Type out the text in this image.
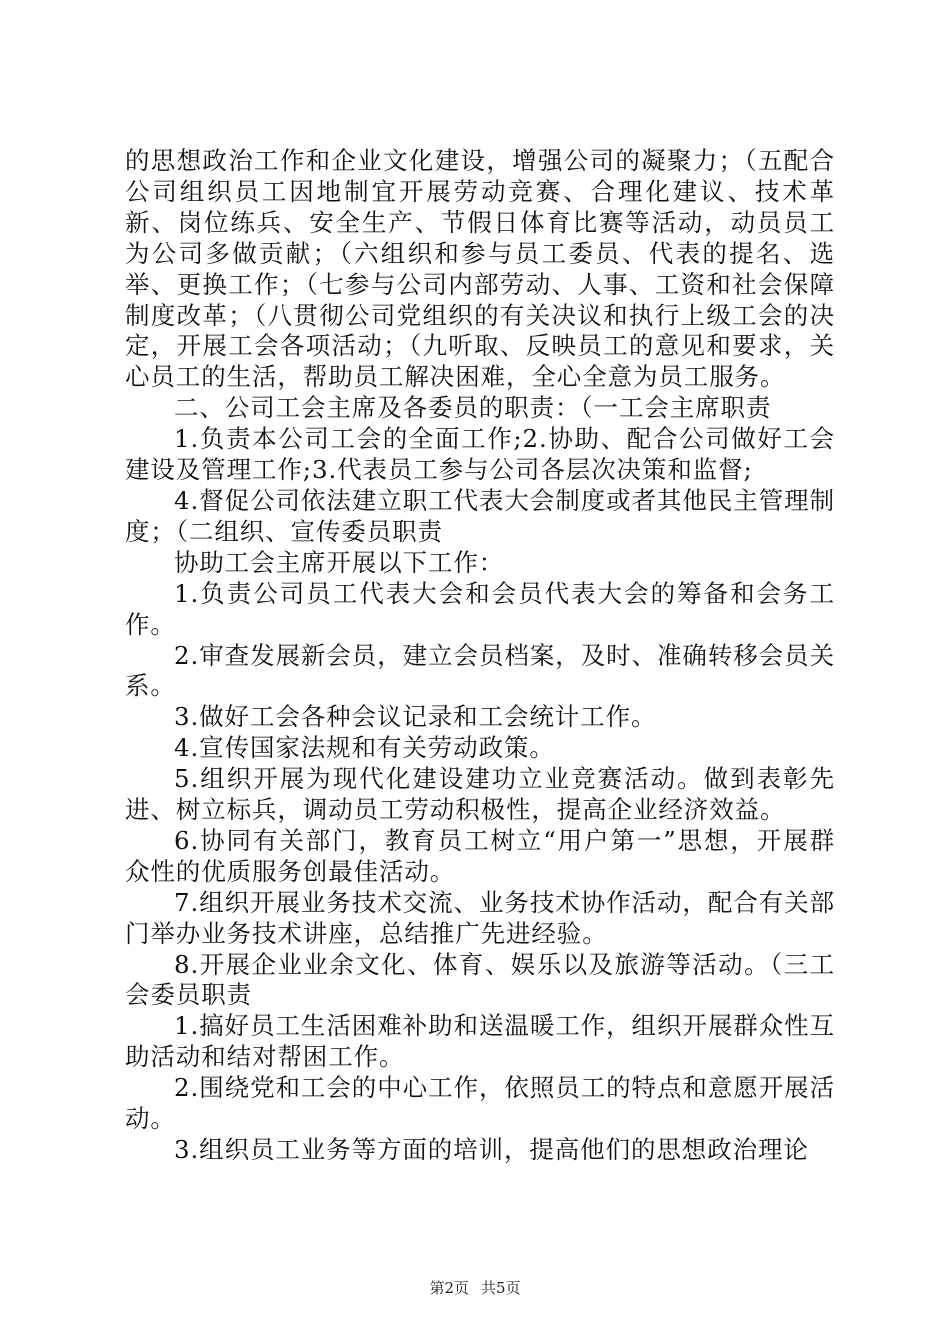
的思想政治工作和企业文化建设，增强公司的凝聚力；（五配合公司组织员工因地制宜开展劳动竞赛、合理化建议、技术革新、岗位练兵、安全生产、节假日体育比赛等活动，动员员工为公司多做贡献；（六组织和参与员工委员、代表的提名、选举、更换工作；（七参与公司内部劳动、人事、工资和社会保障制度改革；（八贯彻公司党组织的有关决议和执行上级工会的决定，开展工会各项活动；（九听取、反映员工的意见和要求，关心员工的生活，帮助员工解决困难，全心全意为员工服务。

二、公司工会主席及各委员的职责：（一工会主席职责

1.负责本公司工会的全面工作;2.协助、配合公司做好工会建设及管理工作;3.代表员工参与公司各层次决策和监督;

4.督促公司依法建立职工代表大会制度或者其他民主管理制度；（二组织、宣传委员职责

协助工会主席开展以下工作：

1.负责公司员工代表大会和会员代表大会的筹备和会务工作。

2.审查发展新会员，建立会员档案，及时、准确转移会员关系。

3.做好工会各种会议记录和工会统计工作。

4.宣传国家法规和有关劳动政策。

5.组织开展为现代化建设建功立业竞赛活动。做到表彰先进、树立标兵，调动员工劳动积极性，提高企业经济效益。

6.协同有关部门，教育员工树立“用户第一”思想，开展群众性的优质服务创最佳活动。

7.组织开展业务技术交流、业务技术协作活动，配合有关部门举办业务技术讲座，总结推广先进经验。

8.开展企业业余文化、体育、娱乐以及旅游等活动。（三工会委员职责

1.搞好员工生活困难补助和送温暖工作，组织开展群众性互助活动和结对帮困工作。

2.围绕党和工会的中心工作，依照员工的特点和意愿开展活动。

3.组织员工业务等方面的培训，提高他们的思想政治理论

第2页 共5页
